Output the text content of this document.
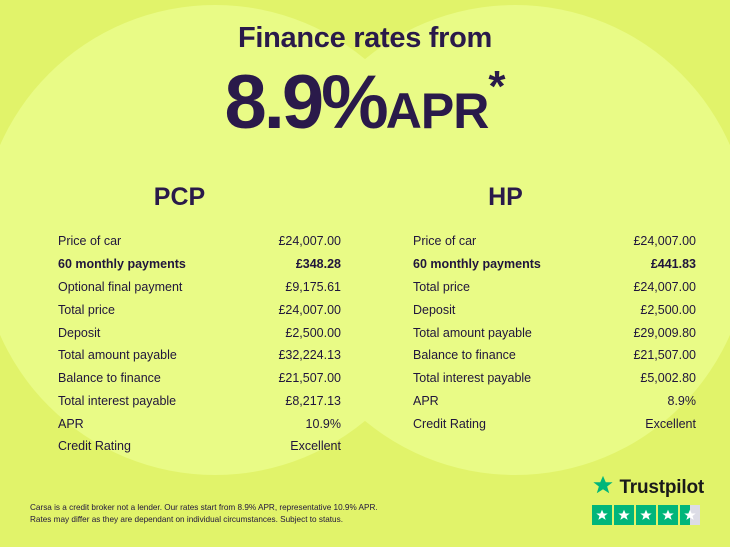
Finance rates from
8.9%APR*
PCP
Price of car	£24,007.00
60 monthly payments	£348.28
Optional final payment	£9,175.61
Total price	£24,007.00
Deposit	£2,500.00
Total amount payable	£32,224.13
Balance to finance	£21,507.00
Total interest payable	£8,217.13
APR	10.9%
Credit Rating	Excellent
HP
Price of car	£24,007.00
60 monthly payments	£441.83
Total price	£24,007.00
Deposit	£2,500.00
Total amount payable	£29,009.80
Balance to finance	£21,507.00
Total interest payable	£5,002.80
APR	8.9%
Credit Rating	Excellent
Carsa is a credit broker not a lender. Our rates start from 8.9% APR, representative 10.9% APR.
Rates may differ as they are dependant on individual circumstances. Subject to status.
Trustpilot
